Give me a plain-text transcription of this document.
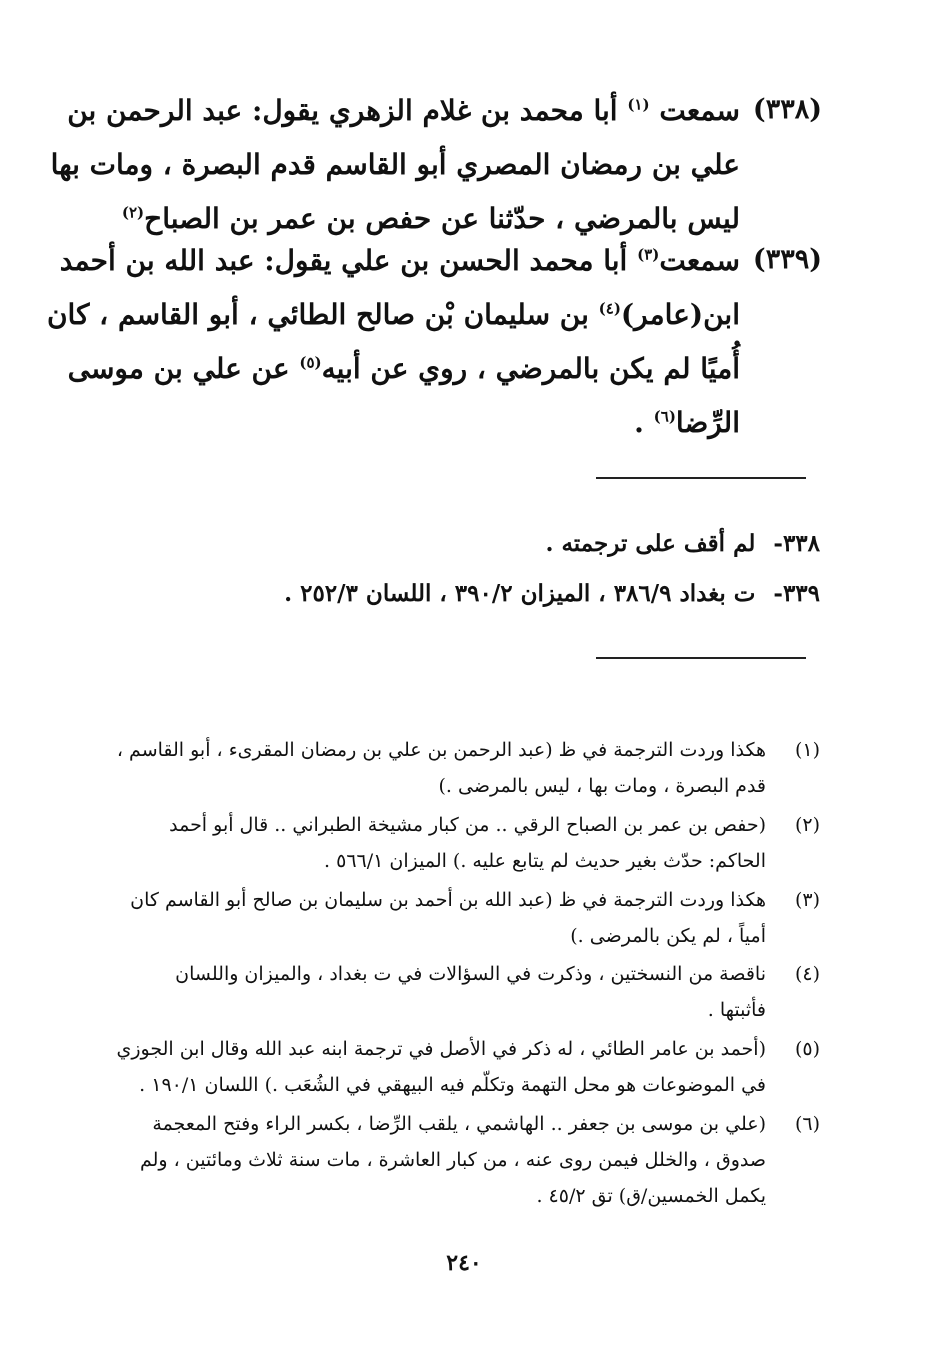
(٣٣٨)
سمعت $^{(١)}$ أبا محمد بن غلام الزهري يقول: عبد الرحمن بن
علي بن رمضان المصري أبو القاسم قدم البصرة ، ومات بها
ليس بالمرضي ، حدّثنا عن حفص بن عمر بن الصباح$^{(٢)}$
(٣٣٩)
سمعت$^{(٣)}$ أبا محمد الحسن بن علي يقول: عبد الله بن أحمد
ابن(عامر)$^{(٤)}$ بن سليمان بْن صالح الطائي ، أبو القاسم ، كان
أُميًا لم يكن بالمرضي ، روي عن أبيه$^{(٥)}$ عن علي بن موسى
الرِّضا$^{(٦)}$ .
٣٣٨-لم أقف على ترجمته .
٣٣٩-ت بغداد ٣٨٦/٩ ، الميزان ٣٩٠/٢ ، اللسان ٢٥٢/٣ .
(١)
هكذا وردت الترجمة في ظ (عبد الرحمن بن علي بن رمضان المقرىء ، أبو القاسم ،
قدم البصرة ، ومات بها ، ليس بالمرضى .)
(٢)
(حفص بن عمر بن الصباح الرقي .. من كبار مشيخة الطبراني .. قال أبو أحمد
الحاكم: حدّث بغير حديث لم يتابع عليه .) الميزان ٥٦٦/١ .
(٣)
هكذا وردت الترجمة في ظ (عبد الله بن أحمد بن سليمان بن صالح أبو القاسم كان
أمياً ، لم يكن بالمرضى .)
(٤)
ناقصة من النسختين ، وذكرت في السؤالات في ت بغداد ، والميزان واللسان
فأثبتها .
(٥)
(أحمد بن عامر الطائي ، له ذكر في الأصل في ترجمة ابنه عبد الله وقال ابن الجوزي
في الموضوعات هو محل التهمة وتكلّم فيه البيهقي في الشُعَب .) اللسان ١٩٠/١ .
(٦)
(علي بن موسى بن جعفر .. الهاشمي ، يلقب الرِّضا ، بكسر الراء وفتح المعجمة
صدوق ، والخلل فيمن روى عنه ، من كبار العاشرة ، مات سنة ثلاث ومائتين ، ولم
يكمل الخمسين/ق) تق ٤٥/٢ .
٢٤٠
